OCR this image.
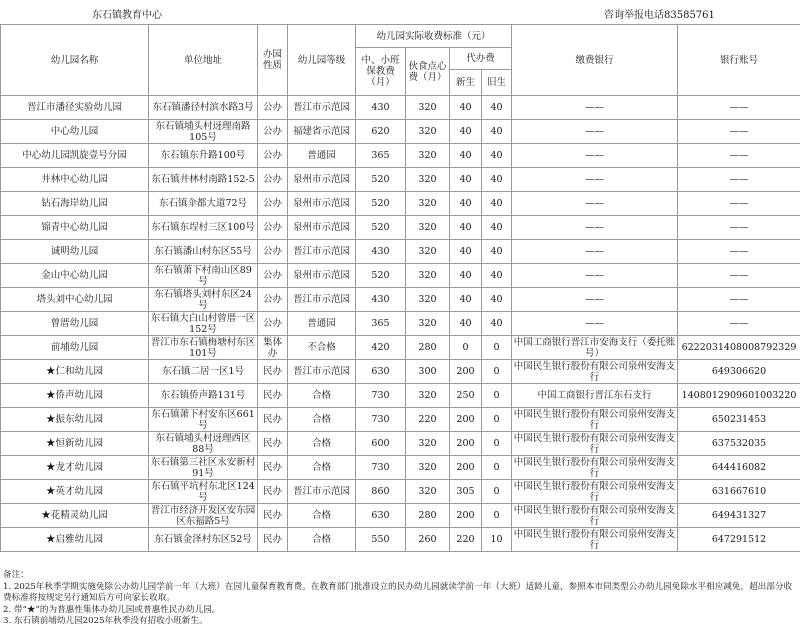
东石镇教育中心	咨询举报电话83585761
幼儿园名称	单位地址	办园性质	幼儿园等级	幼儿园实际收费标准（元）				缴费银行	银行账号
				中、小班保教费（月）	伙食点心费（月）	代办费			
						新生	旧生		
晋江市潘径实验幼儿园	东石镇潘径村滨水路3号	公办	晋江市示范园	430	320	40	40	——	——
中心幼儿园	东石镇埔头村迓理南路105号	公办	福建省示范园	620	320	40	40	——	——
中心幼儿园凯旋壹号分园	东石镇东升路100号	公办	普通园	365	320	40	40	——	——
井林中心幼儿园	东石镇井林村南路152-5	公办	泉州市示范园	520	320	40	40	——	——
钻石海岸幼儿园	东石镇伞都大道72号	公办	泉州市示范园	520	320	40	40	——	——
锦青中心幼儿园	东石镇东埕村三区100号	公办	泉州市示范园	520	320	40	40	——	——
诚明幼儿园	东石镇潘山村东区55号	公办	晋江市示范园	430	320	40	40	——	——
金山中心幼儿园	东石镇萧下村南山区89号	公办	泉州市示范园	520	320	40	40	——	——
塔头刘中心幼儿园	东石镇塔头刘村东区24号	公办	晋江市示范园	430	320	40	40	——	——
曾厝幼儿园	东石镇大白山村曾厝一区152号	公办	普通园	365	320	40	40	——	——
前埔幼儿园	晋江市东石镇梅塘村东区101号	集体办	不合格	420	280	0	0	中国工商银行晋江市安海支行（委托账号）	6222031408008792329
★仁和幼儿园	东石镇二居一区1号	民办	晋江市示范园	630	300	200	0	中国民生银行股份有限公司泉州安海支行	649306620
★侨声幼儿园	东石镇侨声路131号	民办	合格	730	320	250	0	中国工商银行晋江东石支行	1408012909601003220
★振东幼儿园	东石镇萧下村安东区661号	民办	合格	730	220	200	0	中国民生银行股份有限公司泉州安海支行	650231453
★恒新幼儿园	东石镇埔头村迓理西区88号	民办	合格	600	320	200	0	中国民生银行股份有限公司泉州安海支行	637532035
★龙才幼儿园	东石镇第三社区永安新村91号	民办	合格	730	320	200	0	中国民生银行股份有限公司泉州安海支行	644416082
★英才幼儿园	东石镇平坑村东北区124号	民办	晋江市示范园	860	320	305	0	中国民生银行股份有限公司泉州安海支行	631667610
★花精灵幼儿园	晋江市经济开发区安东园区东福路5号	民办	合格	630	280	200	0	中国民生银行股份有限公司泉州安海支行	649431327
★启雅幼儿园	东石镇金泽村东区52号	民办	合格	550	260	220	10	中国民生银行股份有限公司泉州安海支行	647291512

备注：

1. 2025年秋季学期实施免除公办幼儿园学前一年（大班）在园儿童保育教育费。在教育部门批准设立的民办幼儿园就读学前一年（大班）适龄儿童，参照本市同类型公办幼儿园免除水平相应减免，超出部分收费标准将按规定另行通知后方可向家长收取。

2. 带“★”的为普惠性集体办幼儿园或普惠性民办幼儿园。

3. 东石镇前埔幼儿园2025年秋季没有招收小班新生。
